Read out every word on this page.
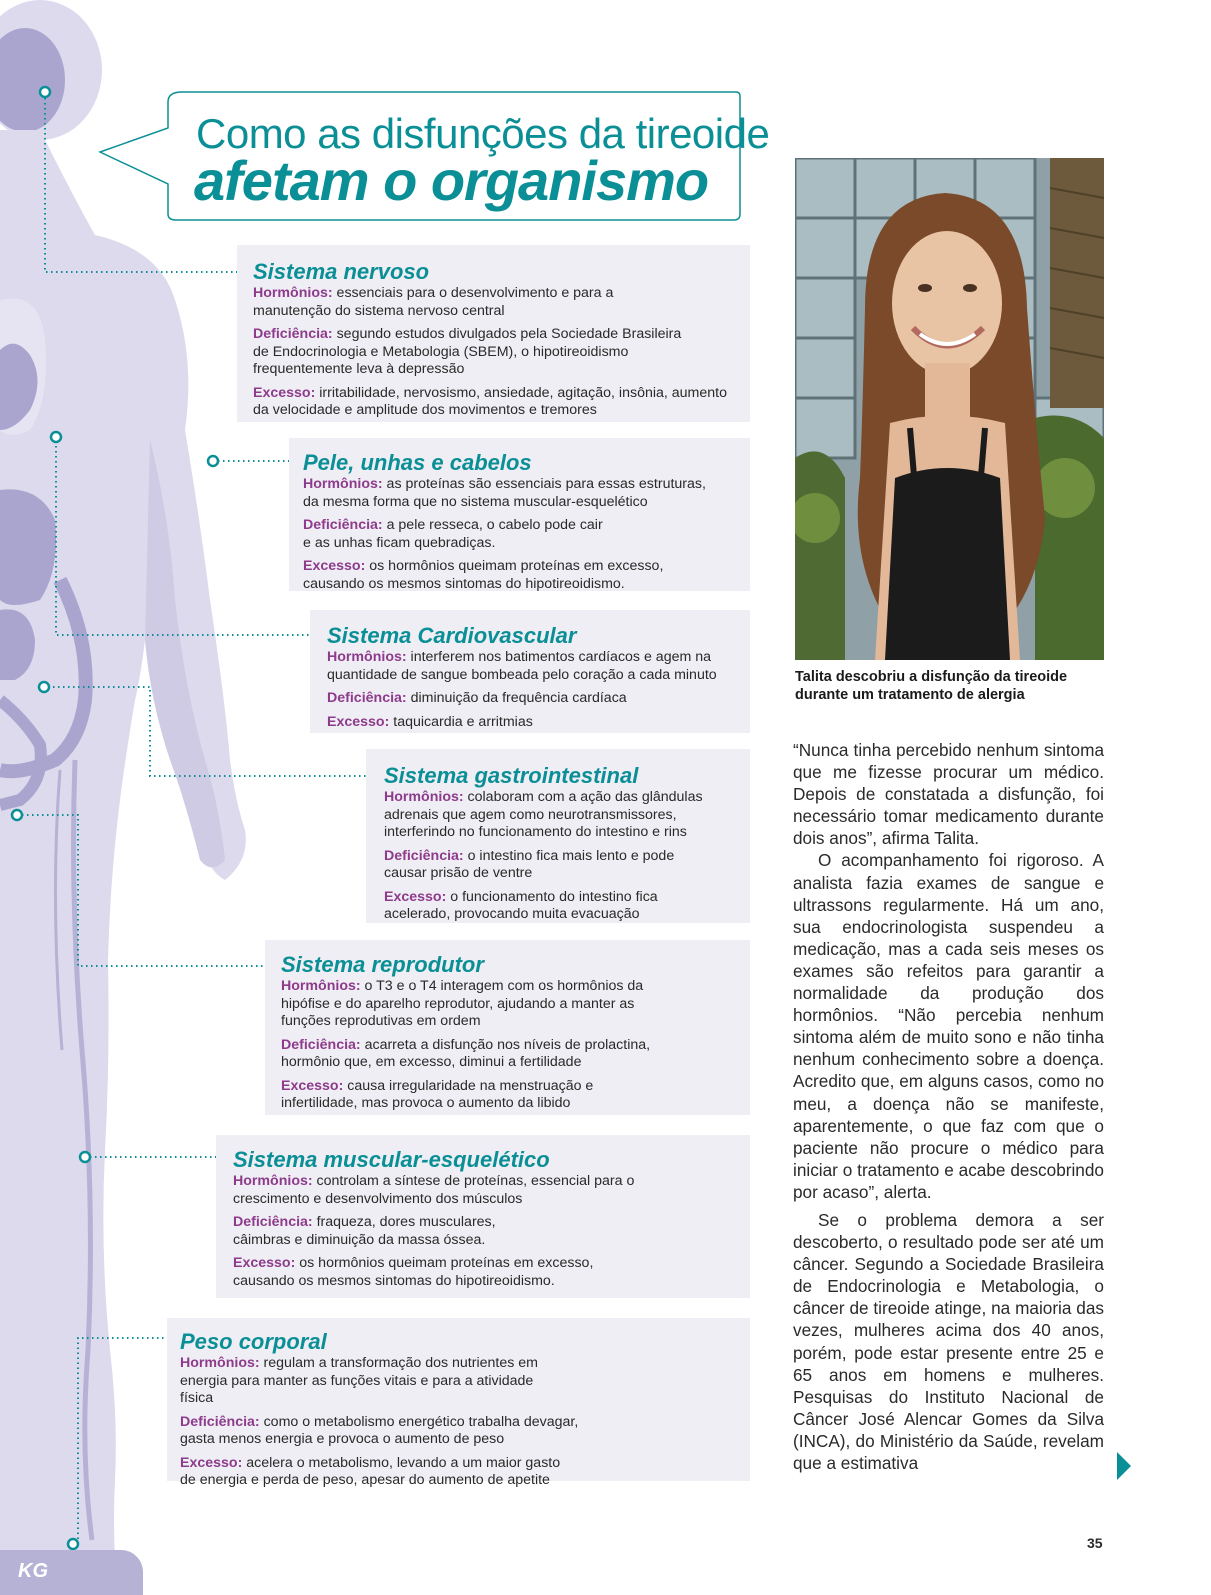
Como as disfunções da tireoide
afetam o organismo
Sistema nervoso

Hormônios: essenciais para o desenvolvimento e para a manutenção do sistema nervoso central

Deficiência: segundo estudos divulgados pela Sociedade Brasileira de Endocrinologia e Metabologia (SBEM), o hipotireoidismo frequentemente leva à depressão

Excesso: irritabilidade, nervosismo, ansiedade, agitação, insônia, aumento da velocidade e amplitude dos movimentos e tremores

Pele, unhas e cabelos

Hormônios: as proteínas são essenciais para essas estruturas, da mesma forma que no sistema muscular-esquelético

Deficiência: a pele resseca, o cabelo pode cair e as unhas ficam quebradiças.

Excesso: os hormônios queimam proteínas em excesso, causando os mesmos sintomas do hipotireoidismo.

Sistema Cardiovascular

Hormônios: interferem nos batimentos cardíacos e agem na quantidade de sangue bombeada pelo coração a cada minuto

Deficiência: diminuição da frequência cardíaca

Excesso: taquicardia e arritmias

Sistema gastrointestinal

Hormônios: colaboram com a ação das glândulas adrenais que agem como neurotransmissores, interferindo no funcionamento do intestino e rins

Deficiência: o intestino fica mais lento e pode causar prisão de ventre

Excesso: o funcionamento do intestino fica acelerado, provocando muita evacuação

Sistema reprodutor

Hormônios: o T3 e o T4 interagem com os hormônios da hipófise e do aparelho reprodutor, ajudando a manter as funções reprodutivas em ordem

Deficiência: acarreta a disfunção nos níveis de prolactina, hormônio que, em excesso, diminui a fertilidade

Excesso: causa irregularidade na menstruação e infertilidade, mas provoca o aumento da libido

Sistema muscular-esquelético

Hormônios: controlam a síntese de proteínas, essencial para o crescimento e desenvolvimento dos músculos

Deficiência: fraqueza, dores musculares, câimbras e diminuição da massa óssea.

Excesso: os hormônios queimam proteínas em excesso, causando os mesmos sintomas do hipotireoidismo.

Peso corporal

Hormônios: regulam a transformação dos nutrientes em energia para manter as funções vitais e para a atividade física

Deficiência: como o metabolismo energético trabalha devagar, gasta menos energia e provoca o aumento de peso

Excesso: acelera o metabolismo, levando a um maior gasto de energia e perda de peso, apesar do aumento de apetite

Talita descobriu a disfunção da tireoide durante um tratamento de alergia

“Nunca tinha percebido nenhum sintoma que me fizesse procurar um médico. Depois de constatada a disfunção, foi necessário tomar medicamento durante dois anos”, afirma Talita.

O acompanhamento foi rigoroso. A analista fazia exames de sangue e ultrassons regularmente. Há um ano, sua endocrinologista suspendeu a medicação, mas a cada seis meses os exames são refeitos para garantir a normalidade da produção dos hormônios. “Não percebia nenhum sintoma além de muito sono e não tinha nenhum conhecimento sobre a doença. Acredito que, em alguns casos, como no meu, a doença não se manifeste, aparentemente, o que faz com que o paciente não procure o médico para iniciar o tratamento e acabe descobrindo por acaso”, alerta.

Se o problema demora a ser descoberto, o resultado pode ser até um câncer. Segundo a Sociedade Brasileira de Endocrinologia e Metabologia, o câncer de tireoide atinge, na maioria das vezes, mulheres acima dos 40 anos, porém, pode estar presente entre 25 e 65 anos em homens e mulheres. Pesquisas do Instituto Nacional de Câncer José Alencar Gomes da Silva (INCA), do Ministério da Saúde, revelam que a estimativa

35
KG
